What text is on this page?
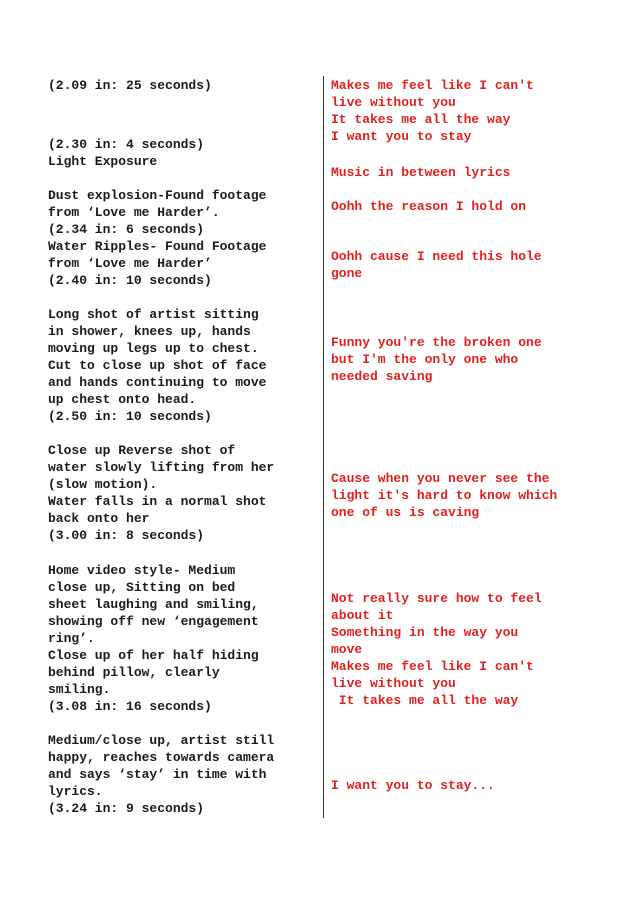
(2.09 in: 25 seconds)
(2.30 in: 4 seconds)
Light Exposure
Dust explosion-Found footage
from ‘Love me Harder’.
(2.34 in: 6 seconds)
Water Ripples- Found Footage
from ‘Love me Harder’
(2.40 in: 10 seconds)
Long shot of artist sitting
in shower, knees up, hands
moving up legs up to chest.
Cut to close up shot of face
and hands continuing to move
up chest onto head.
(2.50 in: 10 seconds)
Close up Reverse shot of
water slowly lifting from her
(slow motion).
Water falls in a normal shot
back onto her
(3.00 in: 8 seconds)
Home video style- Medium
close up, Sitting on bed
sheet laughing and smiling,
showing off new ‘engagement
ring’.
Close up of her half hiding
behind pillow, clearly
smiling.
(3.08 in: 16 seconds)
Medium/close up, artist still
happy, reaches towards camera
and says ‘stay’ in time with
lyrics.
(3.24 in: 9 seconds)
Makes me feel like I can't
live without you
It takes me all the way
I want you to stay
Music in between lyrics
Oohh the reason I hold on
Oohh cause I need this hole
gone
Funny you're the broken one
but I'm the only one who
needed saving
Cause when you never see the
light it's hard to know which
one of us is caving
Not really sure how to feel
about it
Something in the way you
move
Makes me feel like I can't
live without you
It takes me all the way
I want you to stay...
